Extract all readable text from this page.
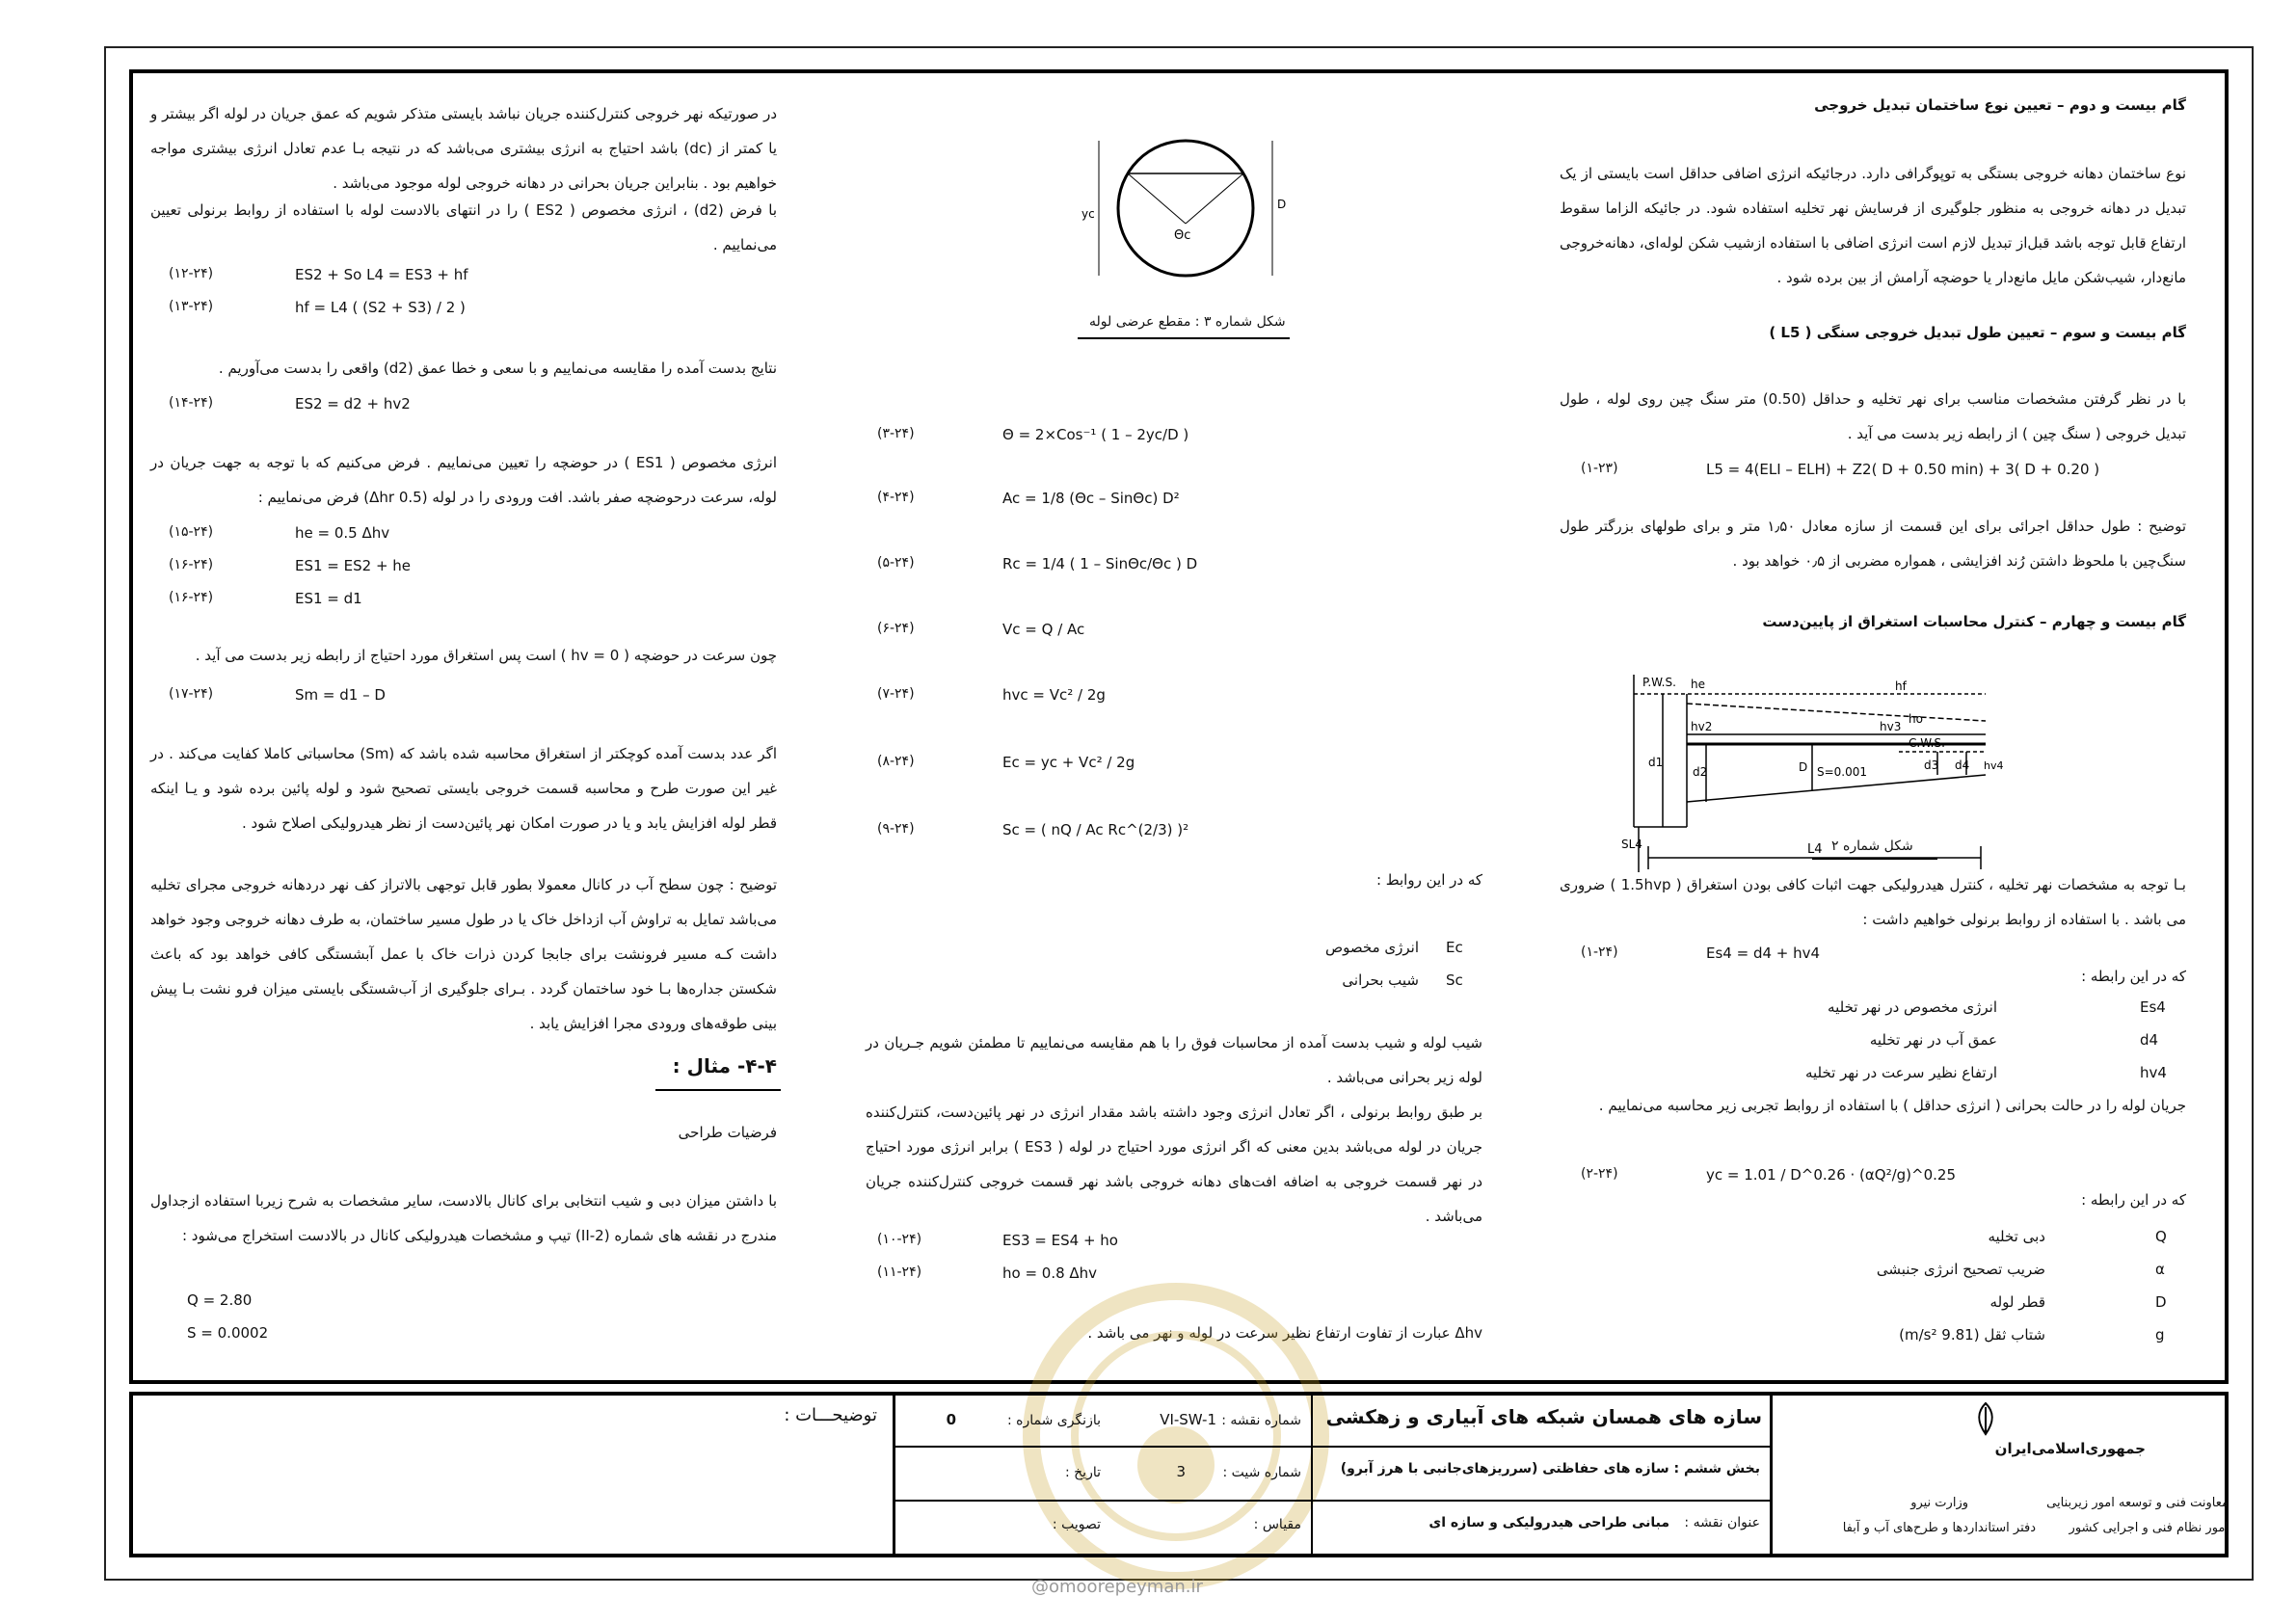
گام بیست و دوم – تعیین نوع ساختمان تبدیل خروجی

نوع ساختمان دهانه خروجی بستگی به توپوگرافی دارد. درجائیکه انرژی اضافی حداقل است بایستی از یک تبدیل در دهانه خروجی به منظور جلوگیری از فرسایش نهر تخلیه استفاده شود. در جائیکه الزاما سقوط ارتفاع قابل توجه باشد قبل‌از تبدیل لازم است انرژی اضافی با استفاده ازشیب شکن لوله‌ای، دهانه‌خروجی مانع‌دار، شیب‌شکن مایل مانع‌دار یا حوضچه آرامش از بین برده شود .

گام بیست و سوم – تعیین طول تبدیل خروجی سنگی ( L5 )

با در نظر گرفتن مشخصات مناسب برای نهر تخلیه و حداقل (0.50) متر سنگ چین روی لوله ، طول تبدیل خروجی ( سنگ چین ) از رابطه زیر بدست می آید .

(۱-۲۳)	L5 = 4(ELI – ELH) + Z2( D + 0.50 min) + 3( D + 0.20 )

توضیح : طول حداقل اجرائی برای این قسمت از سازه معادل ۱٫۵۰ متر و برای طولهای بزرگتر طول سنگ‌چین با ملحوظ داشتن رُند افزایشی ، همواره مضربی از ۰٫۵ خواهد بود .

گام بیست و چهارم – کنترل محاسبات استغراق از پایین‌دست
P.W.S.
C.W.S.
he	hf
hv2	hv3
ho
d1
d2	d3 d4 hv4
D S=0.001
L4
SL4	شکل شماره ۲

بـا توجه به مشخصات نهر تخلیه ، کنترل هیدرولیکی جهت اثبات کافی بودن استغراق ( 1.5hvp ) ضروری می باشد . با استفاده از روابط برنولی خواهیم داشت :

(۱-۲۴)	Es4 = d4 + hv4
که در این رابطه :
انرژی مخصوص در نهر تخلیه	Es4
عمق آب در نهر تخلیه	d4
ارتفاع نظیر سرعت در نهر تخلیه	hv4
جریان لوله را در حالت بحرانی ( انرژی حداقل ) با استفاده از روابط تجربی زیر محاسبه می‌نماییم .
(۲-۲۴)	yc = 1.01 / D^0.26 · (αQ²/g)^0.25
که در این رابطه :
دبی تخلیه	Q
ضریب تصحیح انرژی جنبشی	α
قطر لوله	D
شتاب ثقل (9.81 m/s²)	g
yc
D
Θc
شکل شماره ۳ : مقطع عرضی لوله
(۳-۲۴)	Θ = 2×Cos⁻¹ ( 1 – 2yc/D )
(۴-۲۴)	Ac = 1/8 (Θc – SinΘc) D²
(۵-۲۴)	Rc = 1/4 ( 1 – SinΘc/Θc ) D
(۶-۲۴)	Vc = Q / Ac
(۷-۲۴)	hvc = Vc² / 2g
(۸-۲۴)	Ec = yc + Vc² / 2g
(۹-۲۴)	Sc = ( nQ / Ac Rc^(2/3) )²
که در این روابط :
انرژی مخصوص Ec
شیب بحرانی Sc

شیب لوله و شیب بدست آمده از محاسبات فوق را با هم مقایسه می‌نماییم تا مطمئن شویم جـریان در لوله زیر بحرانی می‌باشد .

بر طبق روابط برنولی ، اگر تعادل انرژی وجود داشته باشد مقدار انرژی در نهر پائین‌دست، کنترل‌کننده جریان در لوله می‌باشد بدین معنی که اگر انرژی مورد احتیاج در لوله ( ES3 ) برابر انرژی مورد احتیاج در نهر قسمت خروجی به اضافه افت‌های دهانه خروجی باشد نهر قسمت خروجی کنترل‌کننده جریان می‌باشد .

(۱۰-۲۴)	ES3 = ES4 + ho
(۱۱-۲۴)	ho = 0.8 Δhv
Δhv عبارت از تفاوت ارتفاع نظیر سرعت در لوله و نهر می باشد .

در صورتیکه نهر خروجی کنترل‌کننده جریان نباشد بایستی متذکر شویم که عمق جریان در لوله اگر بیشتر و یا کمتر از (dc) باشد احتیاج به انرژی بیشتری می‌باشد که در نتیجه بـا عدم تعادل انرژی بیشتری مواجه خواهیم بود . بنابراین جریان بحرانی در دهانه خروجی لوله موجود می‌باشد .

با فرض (d2) ، انرژی مخصوص ( ES2 ) را در انتهای بالادست لوله با استفاده از روابط برنولی تعیین می‌نماییم .

(۱۲-۲۴)	ES2 + So L4 = ES3 + hf
(۱۳-۲۴)	hf = L4 ( (S2 + S3) / 2 )

نتایج بدست آمده را مقایسه می‌نماییم و با سعی و خطا عمق (d2) واقعی را بدست می‌آوریم .

(۱۴-۲۴)	ES2 = d2 + hv2

انرژی مخصوص ( ES1 ) در حوضچه را تعیین می‌نماییم . فرض می‌کنیم که با توجه به جهت جریان در لوله، سرعت درحوضچه صفر باشد. افت ورودی را در لوله (0.5 Δhr) فرض می‌نماییم :

(۱۵-۲۴)	he = 0.5 Δhv
(۱۶-۲۴)	ES1 = ES2 + he
(۱۶-۲۴)	ES1 = d1

چون سرعت در حوضچه ( hv = 0 ) است پس استغراق مورد احتیاج از رابطه زیر بدست می آید .

(۱۷-۲۴)	Sm = d1 – D

اگر عدد بدست آمده کوچکتر از استغراق محاسبه شده باشد که (Sm) محاسباتی کاملا کفایت می‌کند . در غیر این صورت طرح و محاسبه قسمت خروجی بایستی تصحیح شود و لوله پائین برده شود و یـا اینکه قطر لوله افزایش یابد و یا در صورت امکان نهر پائین‌دست از نظر هیدرولیکی اصلاح شود .

توضیح : چون سطح آب در کانال معمولا بطور قابل توجهی بالاتراز کف نهر دردهانه خروجی مجرای تخلیه می‌باشد تمایل به تراوش آب ازداخل خاک یا در طول مسیر ساختمان، به طرف دهانه خروجی وجود خواهد داشت کـه مسیر فرونشت برای جابجا کردن ذرات خاک با عمل آبشستگی کافی خواهد بود که باعث شکستن جداره‌ها بـا خود ساختمان گردد . بـرای جلوگیری از آب‌شستگی بایستی میزان فرو نشت بـا پیش بینی طوقه‌های ورودی مجرا افزایش یابد .

۴-۴- مثال :
فرضیات طراحی

با داشتن میزان دبی و شیب انتخابی برای کانال بالادست، سایر مشخصات به شرح زیربا استفاده ازجداول مندرج در نقشه های شماره (II-2) تیپ و مشخصات هیدرولیکی کانال در بالادست استخراج می‌شود :

Q = 2.80
S = 0.0002
@omoorepeyman.ir
جمهوری‌اسلامی‌ایران
معاونت فنی و توسعه امور زیربنایی
وزارت نیرو
امور نظام فنی و اجرایی کشور
دفتر استانداردها و طرح‌های آب و آبفا
سازه های همسان شبکه های آبیاری و زهکشی
بخش ششم : سازه های حفاظتی (سرریزهای‌جانبی با هرز آبرو)
عنوان نقشه :
مبانی طراحی هیدرولیکی و سازه ای
شماره نقشه :
VI-SW-1
بازنگری شماره :
0
شماره شیت :
3
تاریخ :
مقیاس :
تصویب :
توضیحـــات :
